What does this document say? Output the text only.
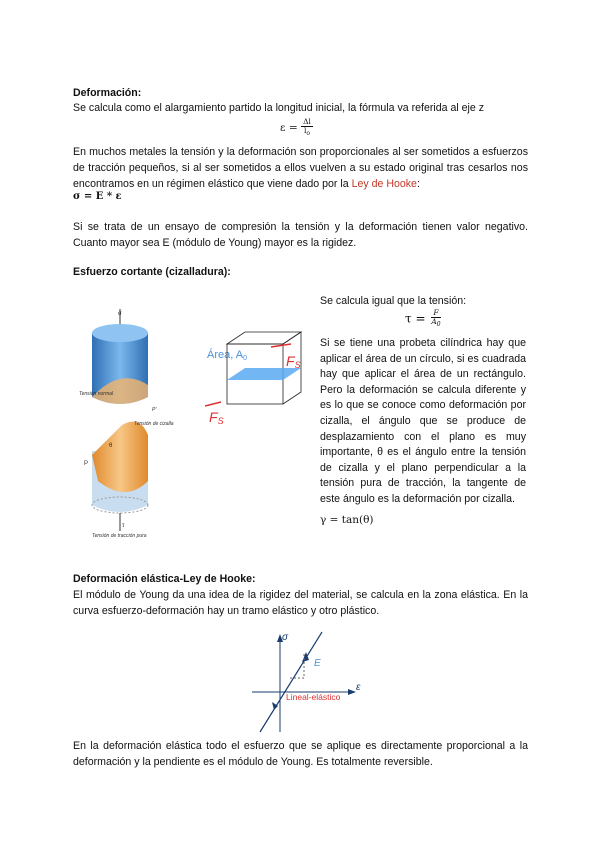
Deformación:
Se calcula como el alargamiento partido la longitud inicial, la fórmula va referida al eje z
$\varepsilon = \frac{\Delta l}{l_o}$
En muchos metales la tensión y la deformación son proporcionales al ser sometidos a esfuerzos de tracción pequeños, si al ser sometidos a ellos vuelven a su estado original tras cesarlos nos encontramos en un régimen elástico que viene dado por la Ley de Hooke:
σ = E * ε
Si se trata de un ensayo de compresión la tensión y la deformación tienen valor negativo. Cuanto mayor sea E (módulo de Young) mayor es la rigidez.
Esfuerzo cortante (cizalladura):
Se calcula igual que la tensión:
$\tau = \frac{F}{A_0}$
Si se tiene una probeta cilíndrica hay que aplicar el área de un círculo, si es cuadrada hay que aplicar el área de un rectángulo. Pero la deformación se calcula diferente y es lo que se conoce como deformación por cizalla, el ángulo que se produce de desplazamiento con el plano es muy importante, θ es el ángulo entre la tensión de cizalla y el plano perpendicular a la tensión pura de tracción, la tangente de este ángulo es la deformación por cizalla.
γ = tan(θ)
σ
τ
Tensión normal
Tensión de cizalla
P'
θ
P
Tensión de tracción pura
Área, A0	FS
FS
Deformación elástica-Ley de Hooke:
El módulo de Young da una idea de la rigidez del material, se calcula en la zona elástica. En la curva esfuerzo-deformación hay un tramo elástico y otro plástico.
σ
ε
E
Lineal-elástico
En la deformación elástica todo el esfuerzo que se aplique es directamente proporcional a la deformación y la pendiente es el módulo de Young. Es totalmente reversible.
